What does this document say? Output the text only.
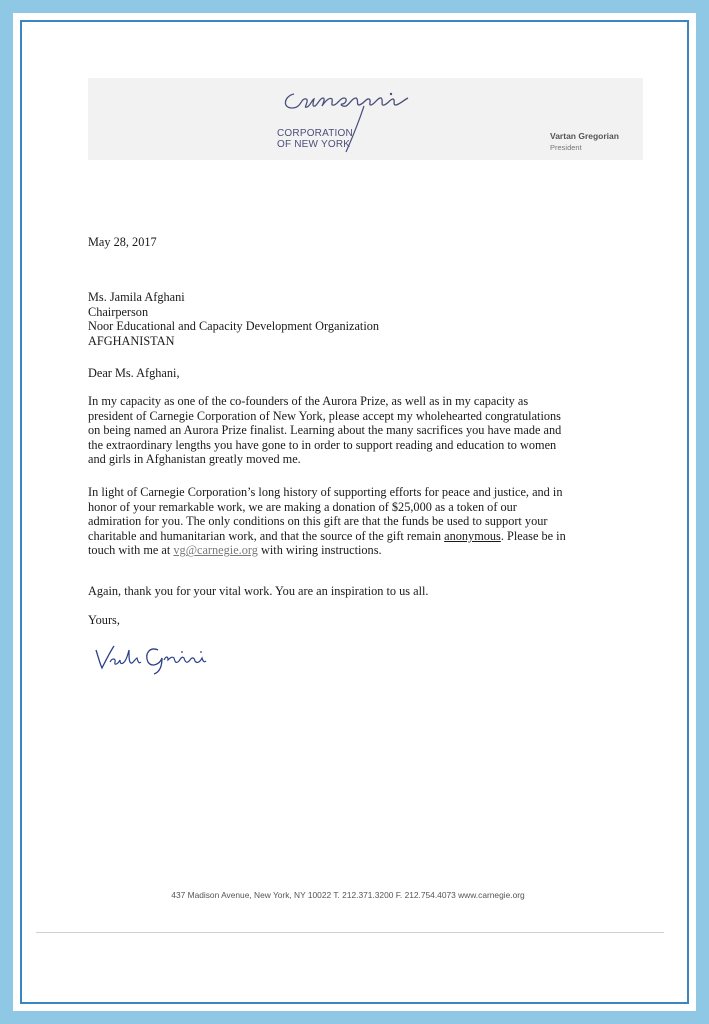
CORPORATION
OF NEW YORK
Vartan Gregorian
President
May 28, 2017
Ms. Jamila Afghani
Chairperson
Noor Educational and Capacity Development Organization
AFGHANISTAN
Dear Ms. Afghani,
In my capacity as one of the co-founders of the Aurora Prize, as well as in my capacity as
president of Carnegie Corporation of New York, please accept my wholehearted congratulations
on being named an Aurora Prize finalist. Learning about the many sacrifices you have made and
the extraordinary lengths you have gone to in order to support reading and education to women
and girls in Afghanistan greatly moved me.
In light of Carnegie Corporation’s long history of supporting efforts for peace and justice, and in
honor of your remarkable work, we are making a donation of $25,000 as a token of our
admiration for you. The only conditions on this gift are that the funds be used to support your
charitable and humanitarian work, and that the source of the gift remain anonymous. Please be in
touch with me at vg@carnegie.org with wiring instructions.
Again, thank you for your vital work. You are an inspiration to us all.
Yours,
437 Madison Avenue, New York, NY 10022 T. 212.371.3200 F. 212.754.4073 www.carnegie.org
